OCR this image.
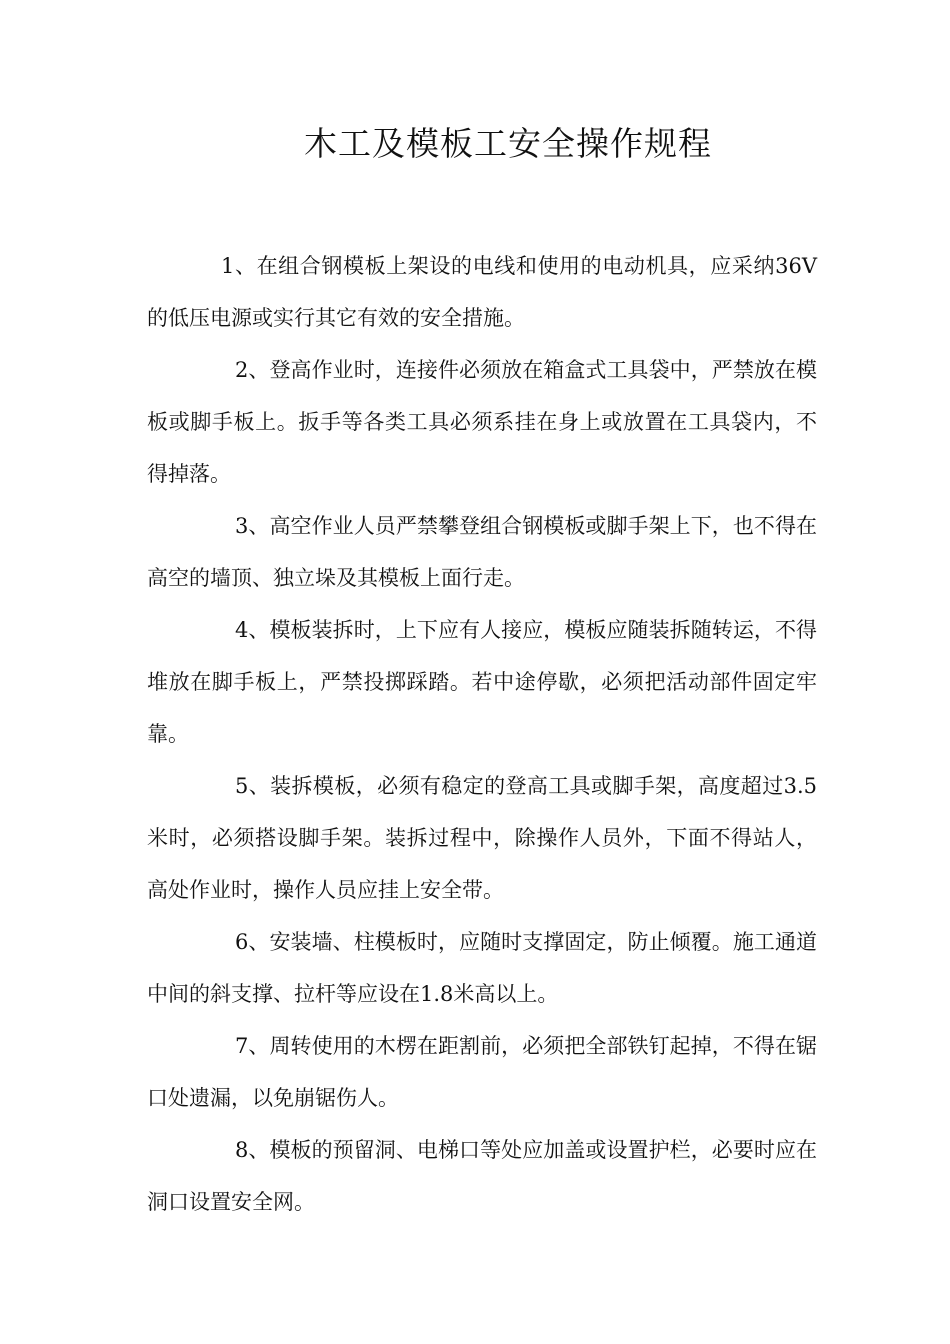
木工及模板工安全操作规程

1、在组合钢模板上架设的电线和使用的电动机具，应采纳36V的低压电源或实行其它有效的安全措施。

2、登高作业时，连接件必须放在箱盒式工具袋中，严禁放在模板或脚手板上。扳手等各类工具必须系挂在身上或放置在工具袋内，不得掉落。

3、高空作业人员严禁攀登组合钢模板或脚手架上下，也不得在高空的墙顶、独立垛及其模板上面行走。

4、模板装拆时，上下应有人接应，模板应随装拆随转运，不得堆放在脚手板上，严禁投掷踩踏。若中途停歇，必须把活动部件固定牢靠。

5、装拆模板，必须有稳定的登高工具或脚手架，高度超过3.5米时，必须搭设脚手架。装拆过程中，除操作人员外，下面不得站人，高处作业时，操作人员应挂上安全带。

6、安装墙、柱模板时，应随时支撑固定，防止倾覆。施工通道中间的斜支撑、拉杆等应设在1.8米高以上。

7、周转使用的木楞在距割前，必须把全部铁钉起掉，不得在锯口处遗漏，以免崩锯伤人。

8、模板的预留洞、电梯口等处应加盖或设置护栏，必要时应在洞口设置安全网。
